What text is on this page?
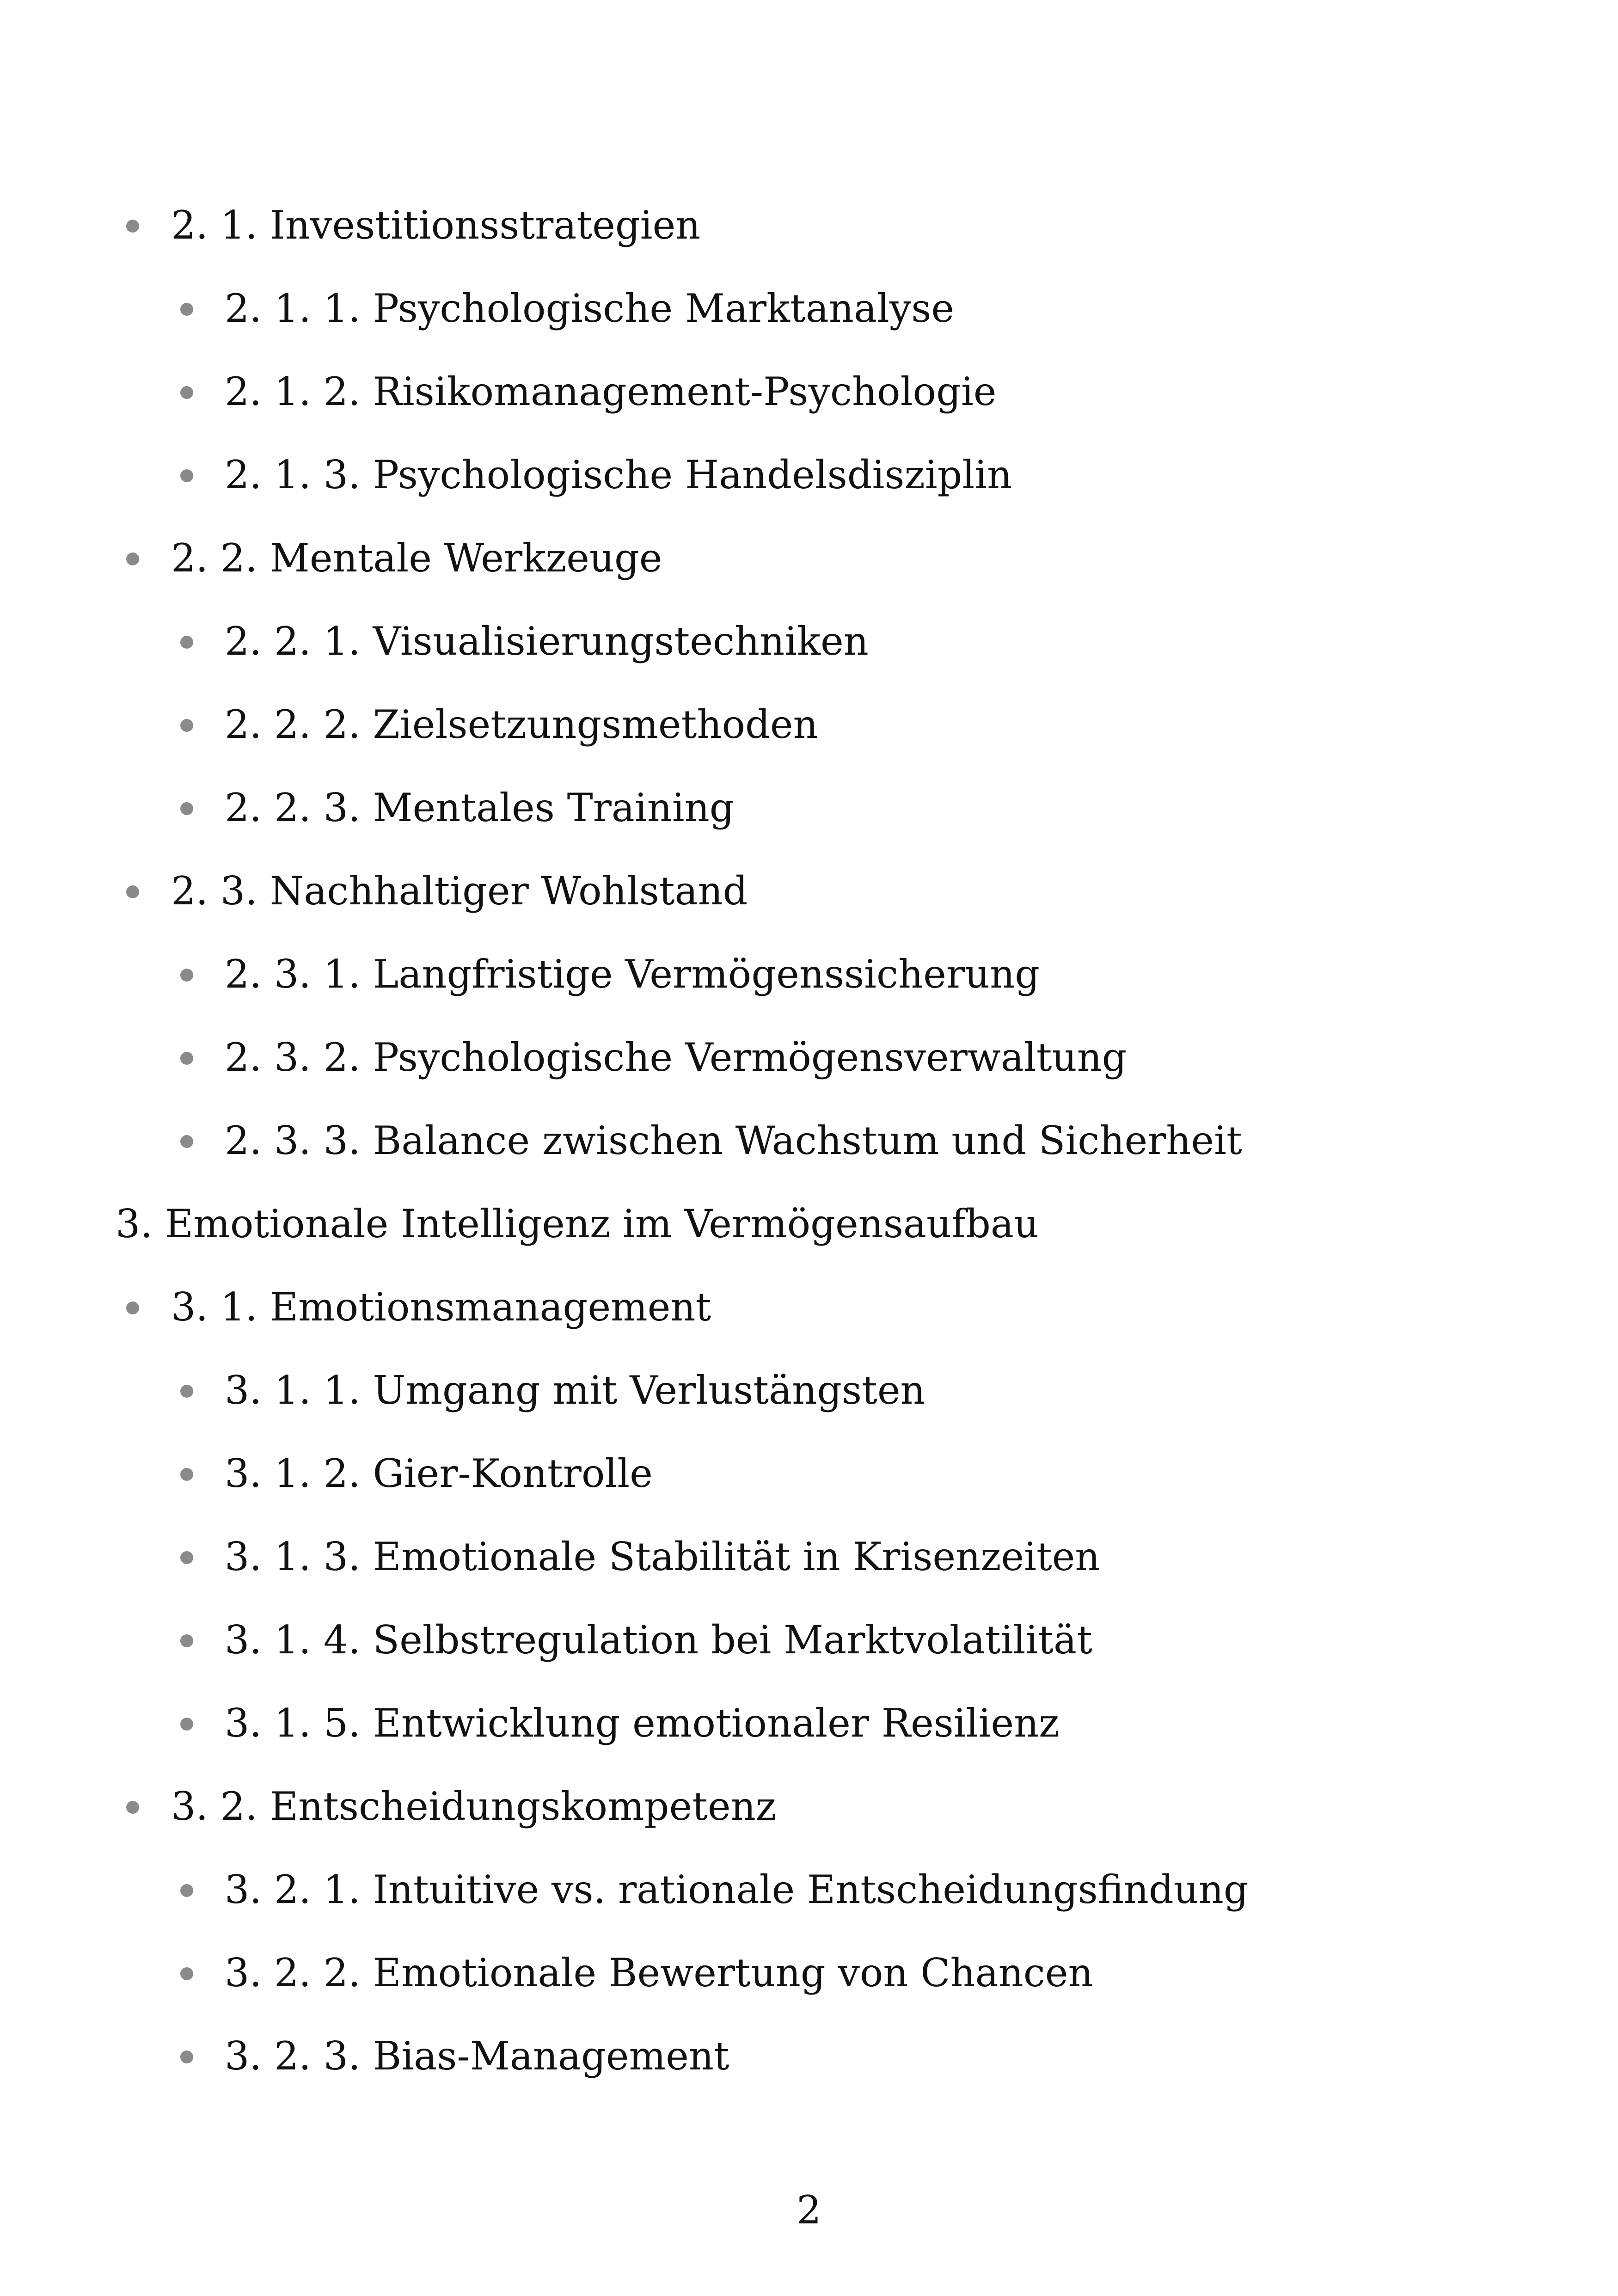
2. 1. Investitionsstrategien
2. 1. 1. Psychologische Marktanalyse
2. 1. 2. Risikomanagement-Psychologie
2. 1. 3. Psychologische Handelsdisziplin
2. 2. Mentale Werkzeuge
2. 2. 1. Visualisierungstechniken
2. 2. 2. Zielsetzungsmethoden
2. 2. 3. Mentales Training
2. 3. Nachhaltiger Wohlstand
2. 3. 1. Langfristige Vermögenssicherung
2. 3. 2. Psychologische Vermögensverwaltung
2. 3. 3. Balance zwischen Wachstum und Sicherheit
3. Emotionale Intelligenz im Vermögensaufbau
3. 1. Emotionsmanagement
3. 1. 1. Umgang mit Verlustängsten
3. 1. 2. Gier-Kontrolle
3. 1. 3. Emotionale Stabilität in Krisenzeiten
3. 1. 4. Selbstregulation bei Marktvolatilität
3. 1. 5. Entwicklung emotionaler Resilienz
3. 2. Entscheidungskompetenz
3. 2. 1. Intuitive vs. rationale Entscheidungsfindung
3. 2. 2. Emotionale Bewertung von Chancen
3. 2. 3. Bias-Management
2
